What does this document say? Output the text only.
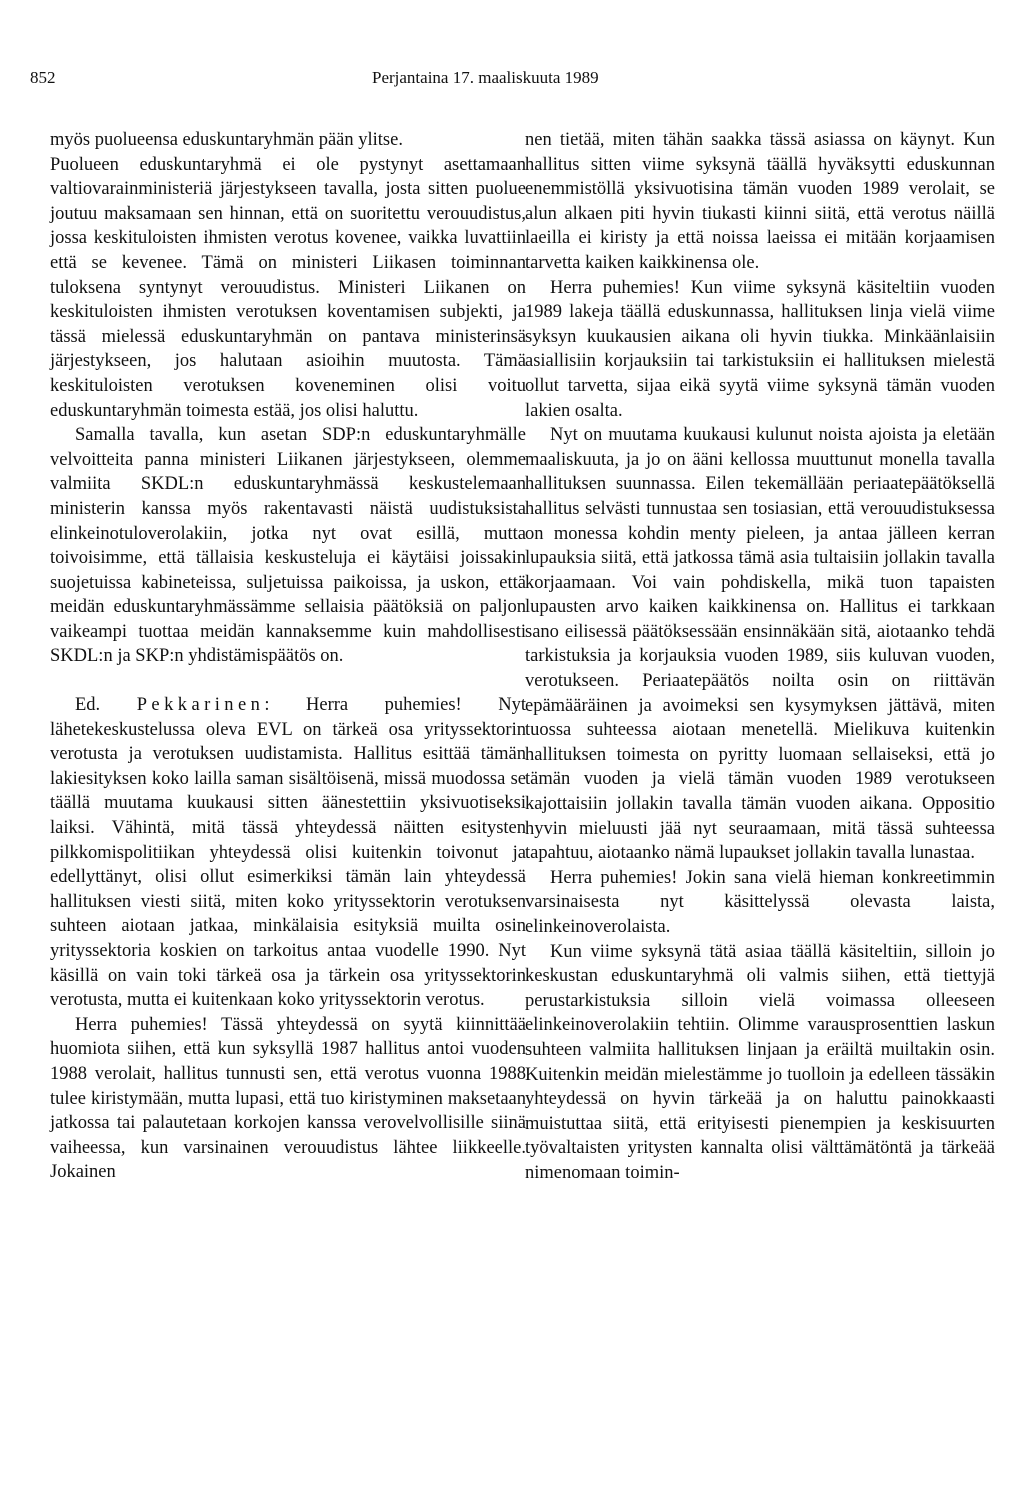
852	Perjantaina 17. maaliskuuta 1989

myös puolueensa eduskuntaryhmän pään ylitse.

Puolueen eduskuntaryhmä ei ole pystynyt asettamaan valtiovarainministeriä järjestykseen tavalla, josta sitten puolue joutuu maksamaan sen hinnan, että on suoritettu verouudistus, jossa keskituloisten ihmisten verotus kovenee, vaikka luvattiin että se kevenee. Tämä on ministeri Liikasen toiminnan tuloksena syntynyt verouudistus. Ministeri Liikanen on keskituloisten ihmisten verotuksen koventamisen subjekti, ja tässä mielessä eduskuntaryhmän on pantava ministerinsä järjestykseen, jos halutaan asioihin muutosta. Tämä keskituloisten verotuksen koveneminen olisi voitu eduskuntaryhmän toimesta estää, jos olisi haluttu.

Samalla tavalla, kun asetan SDP:n eduskuntaryhmälle velvoitteita panna ministeri Liikanen järjestykseen, olemme valmiita SKDL:n eduskuntaryhmässä keskustelemaan ministerin kanssa myös rakentavasti näistä uudistuksista elinkeinotuloverolakiin, jotka nyt ovat esillä, mutta toivoisimme, että tällaisia keskusteluja ei käytäisi joissakin suojetuissa kabineteissa, suljetuissa paikoissa, ja uskon, että meidän eduskuntaryhmässämme sellaisia päätöksiä on paljon vaikeampi tuottaa meidän kannaksemme kuin mahdollisesti SKDL:n ja SKP:n yhdistämispäätös on.

Ed. Pekkarinen: Herra puhemies! Nyt lähetekeskustelussa oleva EVL on tärkeä osa yrityssektorin verotusta ja verotuksen uudistamista. Hallitus esittää tämän lakiesityksen koko laillа saman sisältöisenä, missä muodossa se täällä muutama kuukausi sitten äänestettiin yksivuotiseksi laiksi. Vähintä, mitä tässä yhteydessä näitten esitysten pilkkomispolitiikan yhteydessä olisi kuitenkin toivonut ja edellyttänyt, olisi ollut esimerkiksi tämän lain yhteydessä hallituksen viesti siitä, miten koko yrityssektorin verotuksen suhteen aiotaan jatkaa, minkälaisia esityksiä muilta osin yrityssektoria koskien on tarkoitus antaa vuodelle 1990. Nyt käsillä on vain toki tärkeä osa ja tärkein osa yrityssektorin verotusta, mutta ei kuitenkaan koko yrityssektorin verotus.

Herra puhemies! Tässä yhteydessä on syytä kiinnittää huomiota siihen, että kun syksyllä 1987 hallitus antoi vuoden 1988 verolait, hallitus tunnusti sen, että verotus vuonna 1988 tulee kiristymään, mutta lupasi, että tuo kiristyminen maksetaan jatkossa tai palautetaan korkojen kanssa verovelvollisille siinä vaiheessa, kun varsinainen verouudistus lähtee liikkeelle. Jokainen

nen tietää, miten tähän saakka tässä asiassa on käynyt. Kun hallitus sitten viime syksynä täällä hyväksytti eduskunnan enemmistöllä yksivuotisina tämän vuoden 1989 verolait, se alun alkaen piti hyvin tiukasti kiinni siitä, että verotus näillä laeilla ei kiristy ja että noissa laeissa ei mitään korjaamisen tarvetta kaiken kaikkinensa ole.

Herra puhemies! Kun viime syksynä käsiteltiin vuoden 1989 lakeja täällä eduskunnassa, hallituksen linja vielä viime syksyn kuukausien aikana oli hyvin tiukka. Minkäänlaisiin asiallisiin korjauksiin tai tarkistuksiin ei hallituksen mielestä ollut tarvetta, sijaa eikä syytä viime syksynä tämän vuoden lakien osalta.

Nyt on muutama kuukausi kulunut noista ajoista ja eletään maaliskuuta, ja jo on ääni kellossa muuttunut monella tavalla hallituksen suunnassa. Eilen tekemällään periaatepäätöksellä hallitus selvästi tunnustaa sen tosiasian, että verouudistuksessa on monessa kohdin menty pieleen, ja antaa jälleen kerran lupauksia siitä, että jatkossa tämä asia tultaisiin jollakin tavalla korjaamaan. Voi vain pohdiskella, mikä tuon tapaisten lupausten arvo kaiken kaikkinensa on. Hallitus ei tarkkaan sano eilisessä päätöksessään ensinnäkään sitä, aiotaanko tehdä tarkistuksia ja korjauksia vuoden 1989, siis kuluvan vuoden, verotukseen. Periaatepäätös noilta osin on riittävän epämääräinen ja avoimeksi sen kysymyksen jättävä, miten tuossa suhteessa aiotaan menetellä. Mielikuva kuitenkin hallituksen toimesta on pyritty luomaan sellaiseksi, että jo tämän vuoden ja vielä tämän vuoden 1989 verotukseen kajottaisiin jollakin tavalla tämän vuoden aikana. Oppositio hyvin mieluusti jää nyt seuraamaan, mitä tässä suhteessa tapahtuu, aiotaanko nämä lupaukset jollakin tavalla lunastaa.

Herra puhemies! Jokin sana vielä hieman konkreetimmin varsinaisesta nyt käsittelyssä olevasta laista, elinkeinoverolaista.

Kun viime syksynä tätä asiaa täällä käsiteltiin, silloin jo keskustan eduskuntaryhmä oli valmis siihen, että tiettyjä perustarkistuksia silloin vielä voimassa olleeseen elinkeinoverolakiin tehtiin. Olimme varausprosenttien laskun suhteen valmiita hallituksen linjaan ja eräiltä muiltakin osin. Kuitenkin meidän mielestämme jo tuolloin ja edelleen tässäkin yhteydessä on hyvin tärkeää ja on haluttu painokkaasti muistuttaa siitä, että erityisesti pienempien ja keskisuurten työvaltaisten yritysten kannalta olisi välttämätöntä ja tärkeää nimenomaan toimin-
